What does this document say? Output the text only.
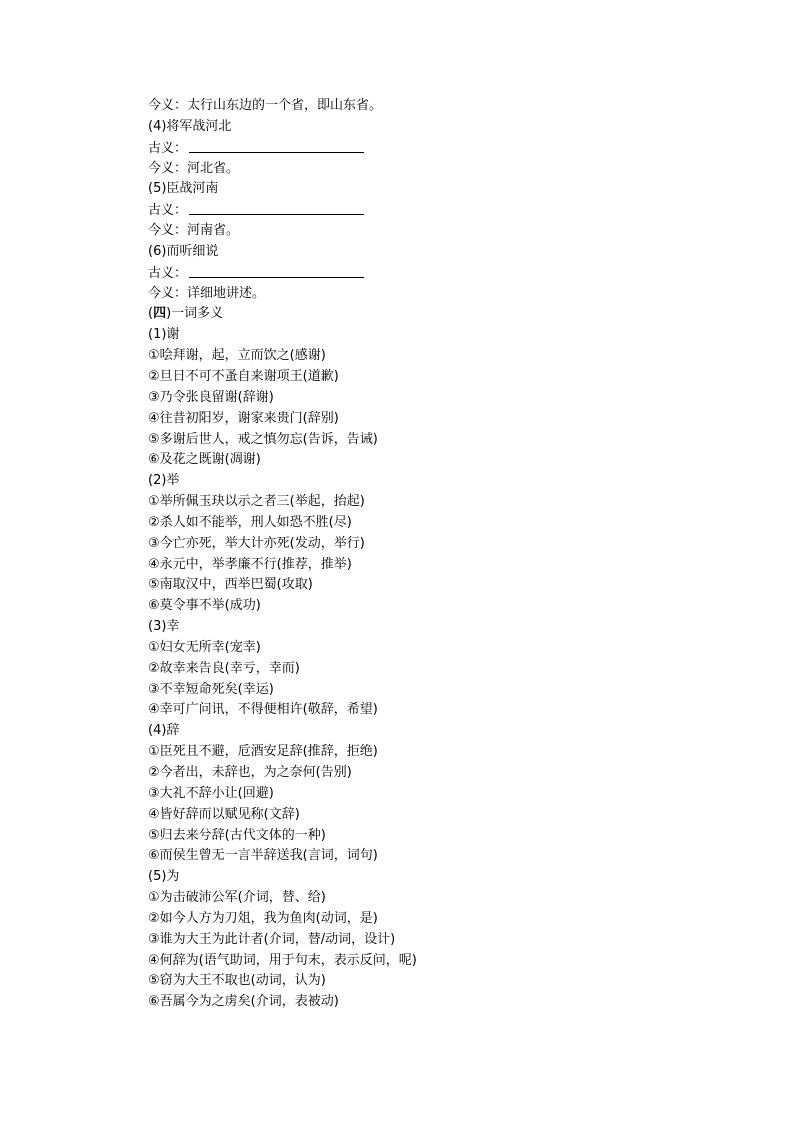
今义：太行山东边的一个省，即山东省。
(4)将军战河北
古义：
今义：河北省。
(5)臣战河南
古义：
今义：河南省。
(6)而听细说
古义：
今义：详细地讲述。
(四)一词多义
(1)谢
①哙拜谢，起，立而饮之(感谢)
②旦日不可不蚤自来谢项王(道歉)
③乃令张良留谢(辞谢)
④往昔初阳岁，谢家来贵门(辞别)
⑤多谢后世人，戒之慎勿忘(告诉，告诫)
⑥及花之既谢(凋谢)
(2)举
①举所佩玉玦以示之者三(举起，抬起)
②杀人如不能举，刑人如恐不胜(尽)
③今亡亦死，举大计亦死(发动，举行)
④永元中，举孝廉不行(推荐，推举)
⑤南取汉中，西举巴蜀(攻取)
⑥莫令事不举(成功)
(3)幸
①妇女无所幸(宠幸)
②故幸来告良(幸亏，幸而)
③不幸短命死矣(幸运)
④幸可广问讯，不得便相许(敬辞，希望)
(4)辞
①臣死且不避，卮酒安足辞(推辞，拒绝)
②今者出，未辞也，为之奈何(告别)
③大礼不辞小让(回避)
④皆好辞而以赋见称(文辞)
⑤归去来兮辞(古代文体的一种)
⑥而侯生曾无一言半辞送我(言词，词句)
(5)为
①为击破沛公军(介词，替、给)
②如今人方为刀俎，我为鱼肉(动词，是)
③谁为大王为此计者(介词，替/动词，设计)
④何辞为(语气助词，用于句末，表示反问，呢)
⑤窃为大王不取也(动词，认为)
⑥吾属今为之虏矣(介词，表被动)
